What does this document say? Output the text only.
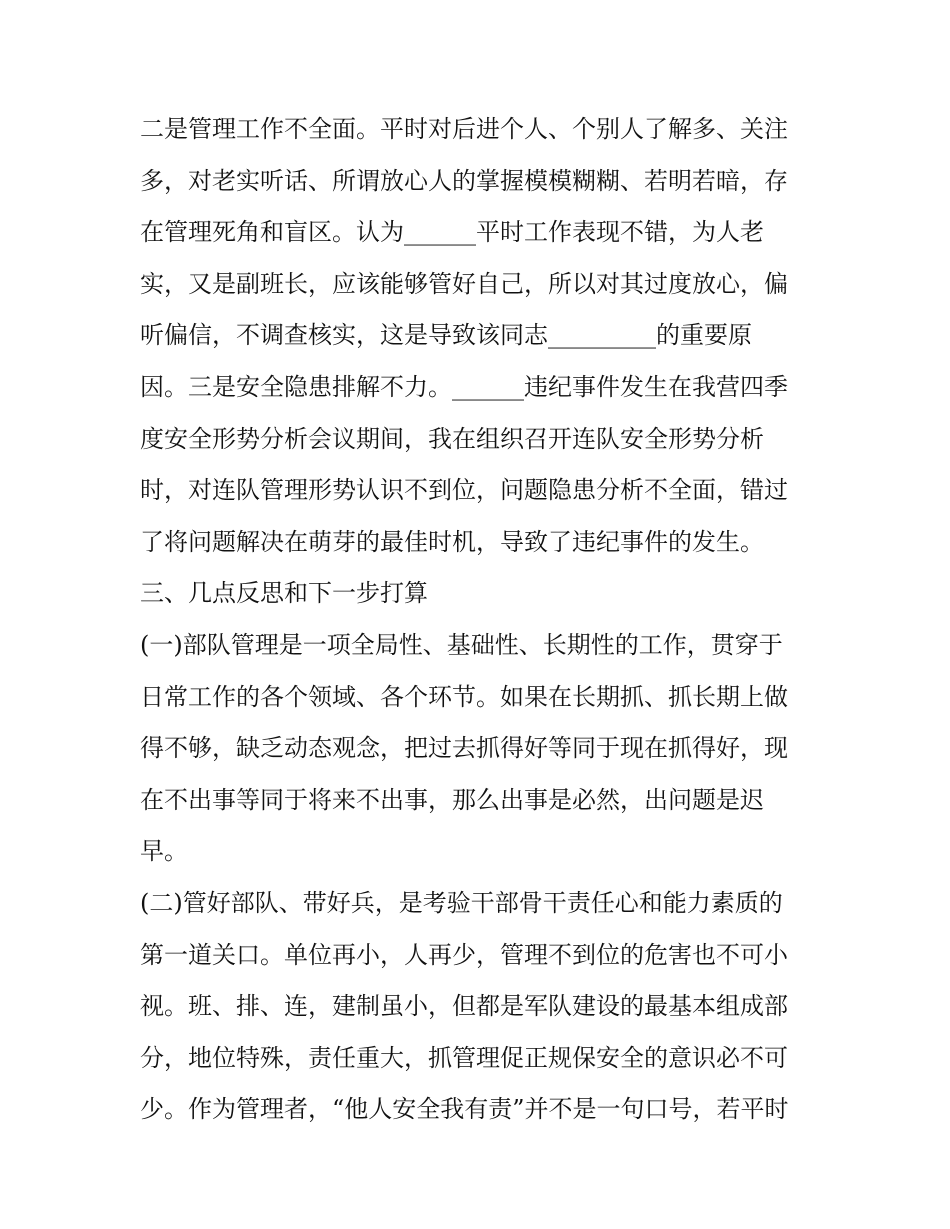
二是管理工作不全面。平时对后进个人、个别人了解多、关注
多，对老实听话、所谓放心人的掌握模模糊糊、若明若暗，存
在管理死角和盲区。认为______平时工作表现不错，为人老
实，又是副班长，应该能够管好自己，所以对其过度放心，偏
听偏信，不调查核实，这是导致该同志_________的重要原
因。三是安全隐患排解不力。______违纪事件发生在我营四季
度安全形势分析会议期间，我在组织召开连队安全形势分析
时，对连队管理形势认识不到位，问题隐患分析不全面，错过
了将问题解决在萌芽的最佳时机，导致了违纪事件的发生。
三、几点反思和下一步打算
(一)部队管理是一项全局性、基础性、长期性的工作，贯穿于
日常工作的各个领域、各个环节。如果在长期抓、抓长期上做
得不够，缺乏动态观念，把过去抓得好等同于现在抓得好，现
在不出事等同于将来不出事，那么出事是必然，出问题是迟
早。
(二)管好部队、带好兵，是考验干部骨干责任心和能力素质的
第一道关口。单位再小，人再少，管理不到位的危害也不可小
视。班、排、连，建制虽小，但都是军队建设的最基本组成部
分，地位特殊，责任重大，抓管理促正规保安全的意识必不可
少。作为管理者，“他人安全我有责”并不是一句口号，若平时
